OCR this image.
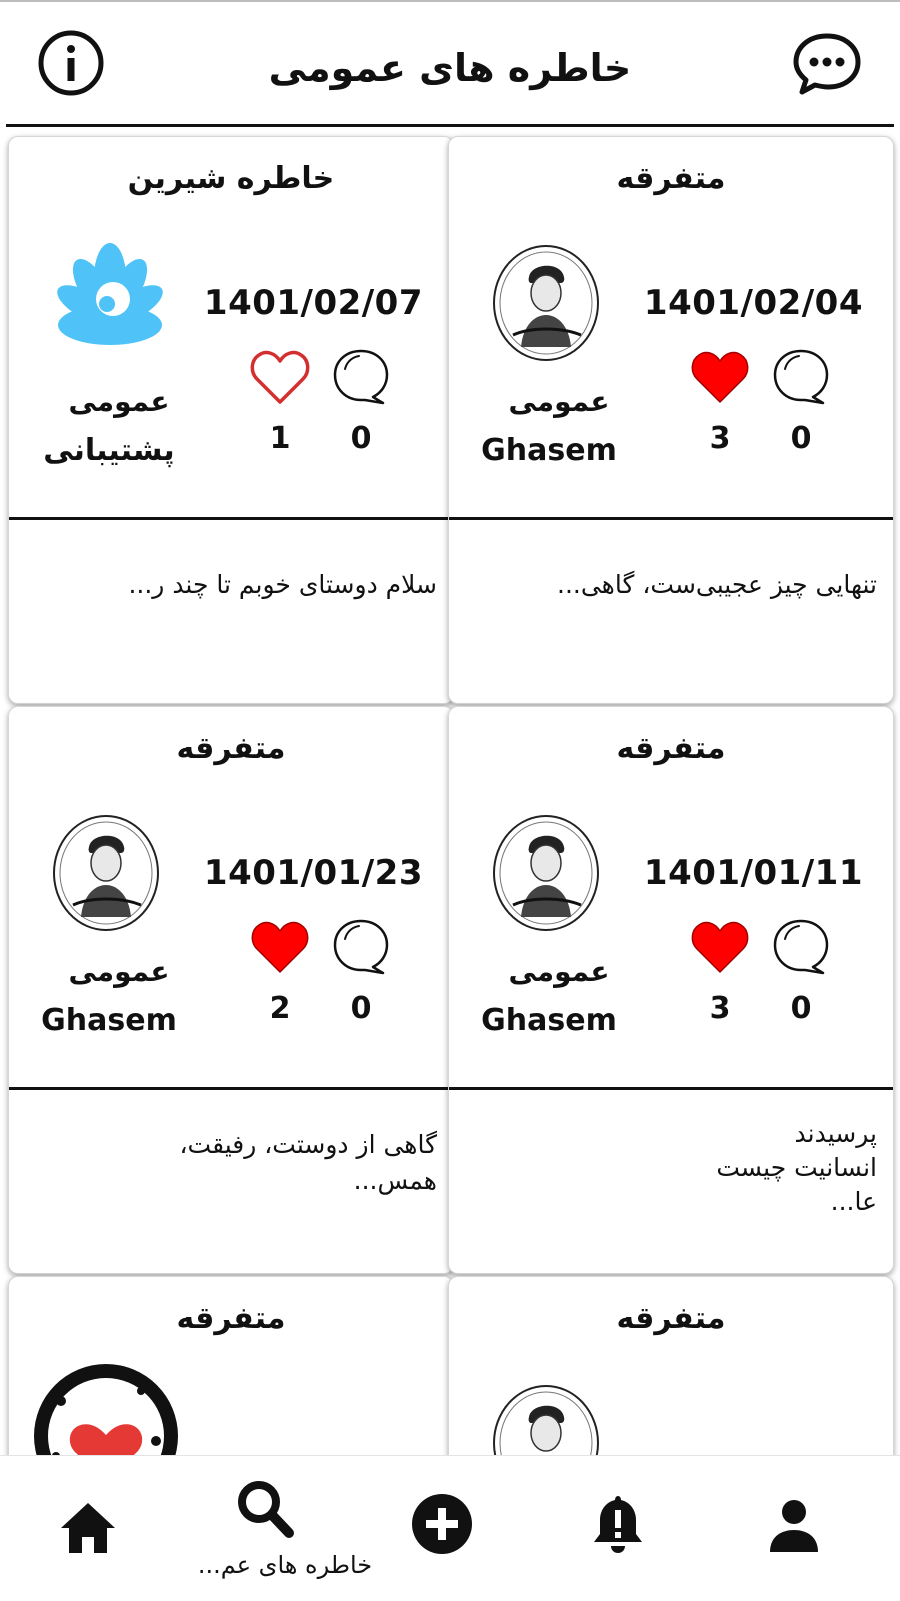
خاطره های عمومی
خاطره شیرین
1401/02/07
1 0
عمومی
پشتیبانی
سلام دوستای خوبم تا چند ر...
متفرقه
1401/02/04
3 0
عمومی
Ghasem
تنهایی چیز عجیبی‌ست، گاهی...
متفرقه
1401/01/23
2 0
عمومی
Ghasem
گاهی از دوستت، رفیقت،
همس...
متفرقه
1401/01/11
3 0
عمومی
Ghasem
پرسیدند
انسانیت چیست
عا...
متفرقه	متفرقه
خاطره های عم...
